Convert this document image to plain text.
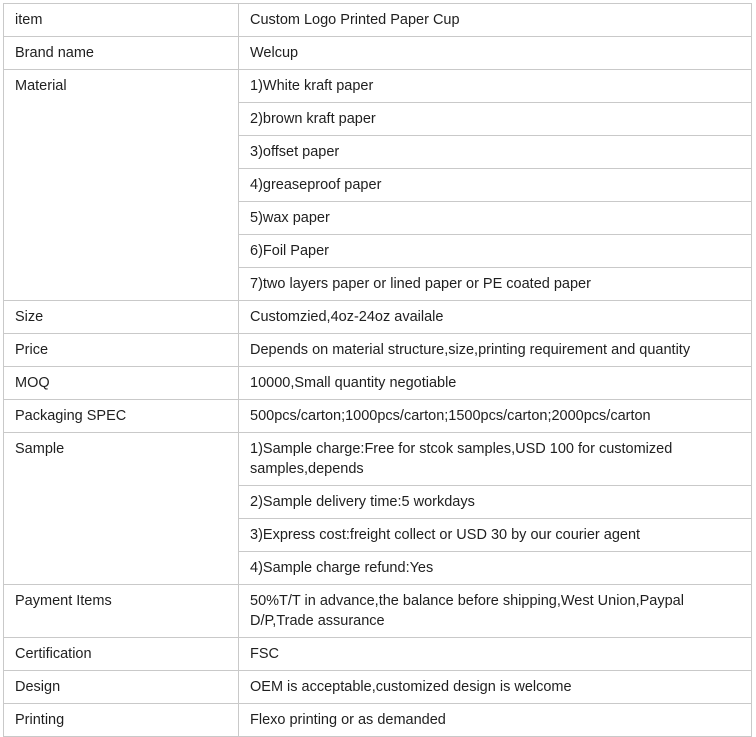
item	Custom Logo Printed Paper Cup
Brand name	Welcup
Material	1)White kraft paper
	2)brown kraft paper
	3)offset paper
	4)greaseproof paper
	5)wax paper
	6)Foil Paper
	7)two layers paper or lined paper or PE coated paper
Size	Customzied,4oz-24oz availale
Price	Depends on material structure,size,printing requirement and quantity
MOQ	10000,Small quantity negotiable
Packaging SPEC	500pcs/carton;1000pcs/carton;1500pcs/carton;2000pcs/carton
Sample	1)Sample charge:Free for stcok samples,USD 100 for customized samples,depends
	2)Sample delivery time:5 workdays
	3)Express cost:freight collect or USD 30 by our courier agent
	4)Sample charge refund:Yes
Payment Items	50%T/T in advance,the balance before shipping,West Union,Paypal D/P,Trade assurance
Certification	FSC
Design	OEM is acceptable,customized design is welcome
Printing	Flexo printing or as demanded
